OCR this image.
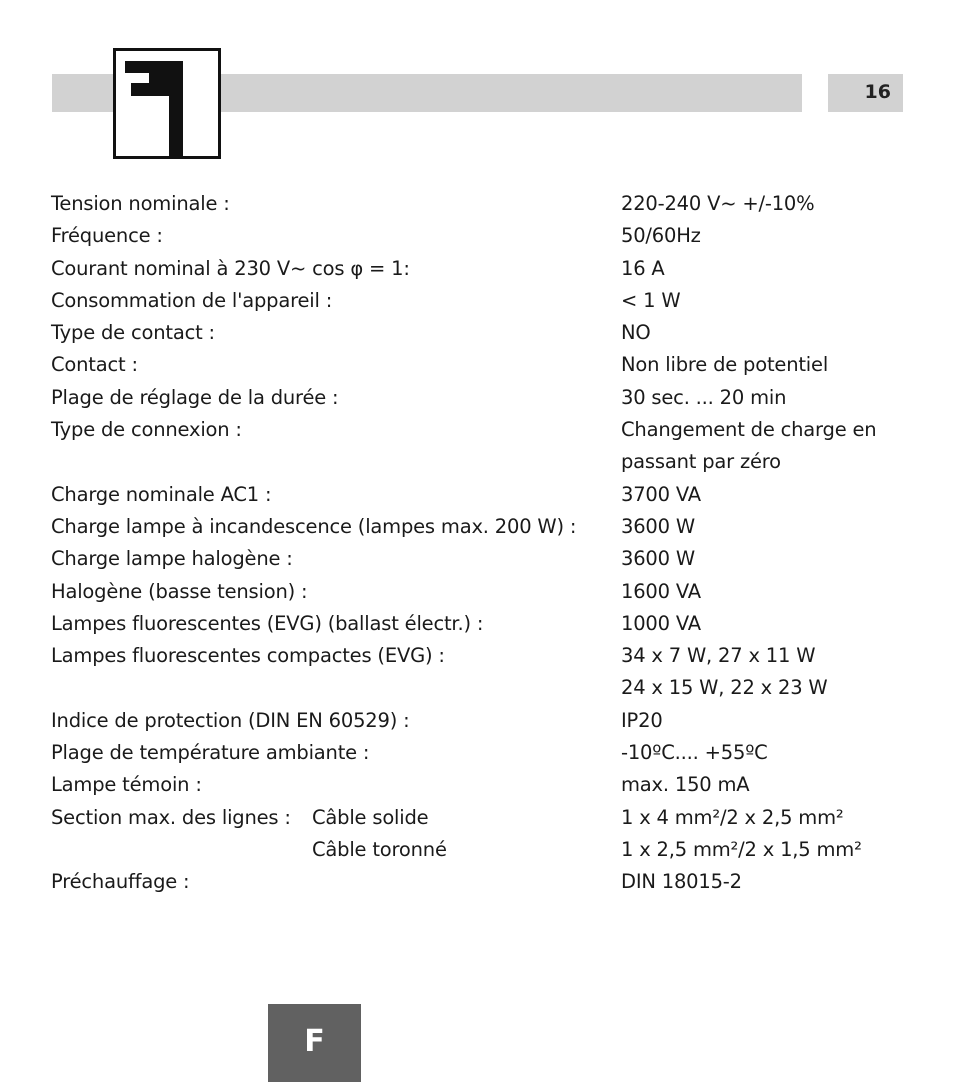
16
Tension nominale :	220-240 V~ +/-10%
Fréquence :	50/60Hz
Courant nominal à 230 V~ cos φ = 1:	16 A
Consommation de l'appareil :	< 1 W
Type de contact :	NO
Contact :	Non libre de potentiel
Plage de réglage de la durée :	30 sec. ... 20 min
Type de connexion :	Changement de charge en
passant par zéro
Charge nominale AC1 :	3700 VA
Charge lampe à incandescence (lampes max. 200 W) : 3600 W
Charge lampe halogène :	3600 W
Halogène (basse tension) :	1600 VA
Lampes fluorescentes (EVG) (ballast électr.) :	1000 VA
Lampes fluorescentes compactes (EVG) :	34 x 7 W, 27 x 11 W
24 x 15 W, 22 x 23 W
Indice de protection (DIN EN 60529) :	IP20
Plage de température ambiante :	-10ºC.... +55ºC
Lampe témoin :	max. 150 mA
Section max. des lignes : Câble solide	1 x 4 mm²/2 x 2,5 mm²
Câble toronné	1 x 2,5 mm²/2 x 1,5 mm²
Préchauffage :	DIN 18015-2
F
